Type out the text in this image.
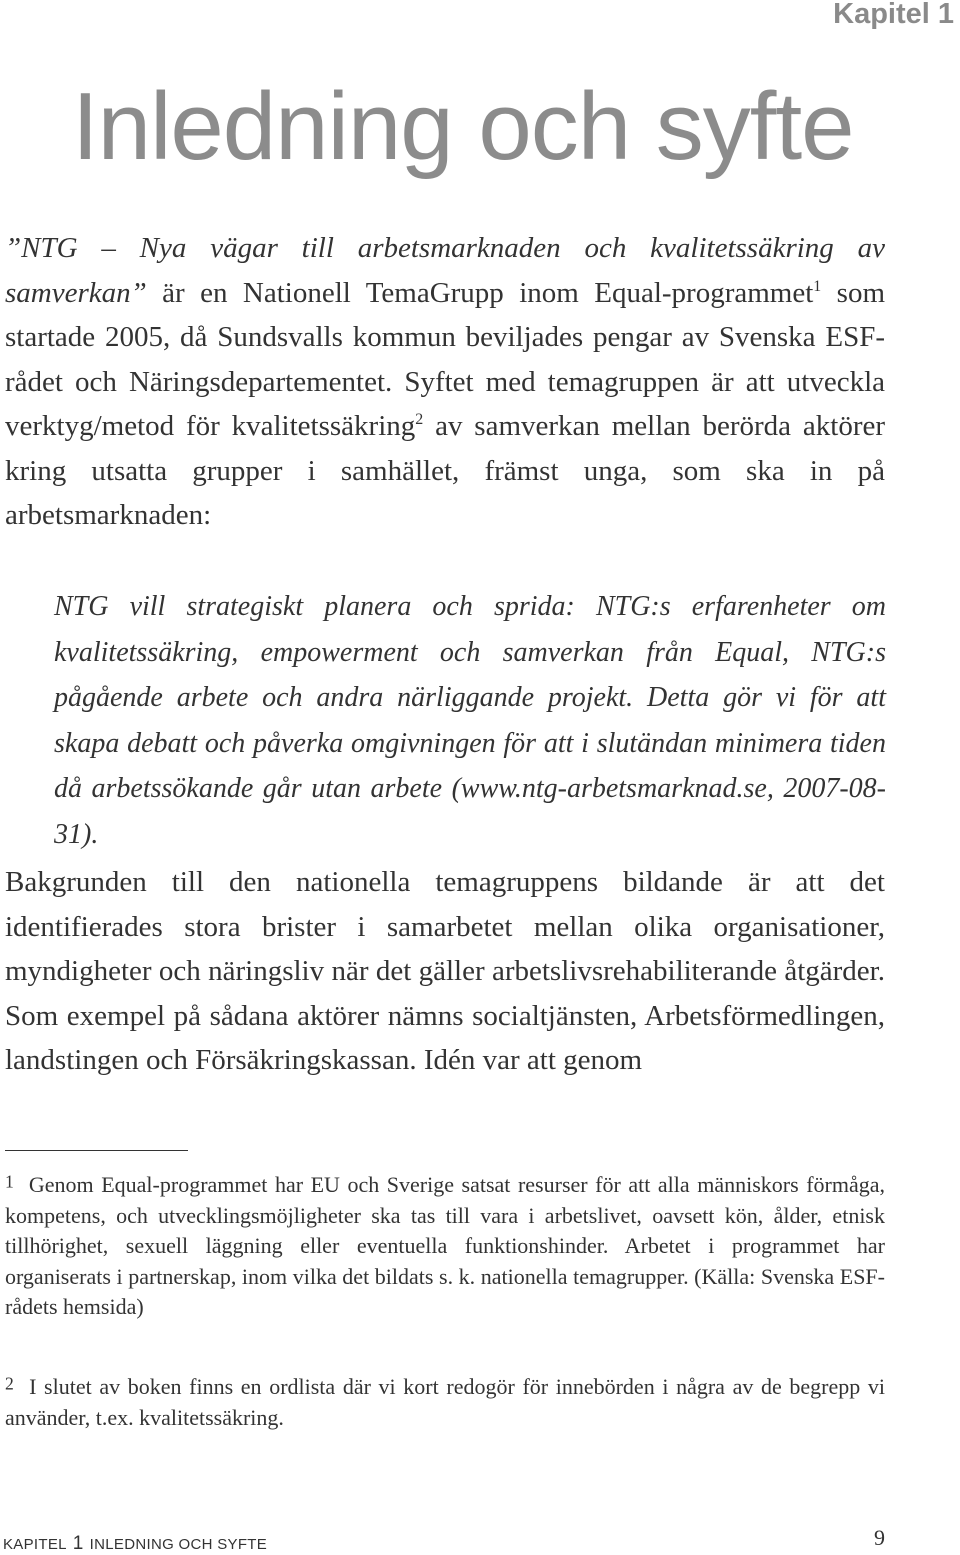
Kapitel 1
Inledning och syfte

”NTG – Nya vägar till arbetsmarknaden och kvalitetssäkring av samverkan” är en Nationell TemaGrupp inom Equal-programmet$^1$ som startade 2005, då Sundsvalls kommun beviljades pengar av Svenska ESF-rådet och Näringsdepartementet. Syftet med temagruppen är att utveckla verktyg/metod för kvalitetssäkring$^2$ av samverkan mellan berörda aktörer kring utsatta grupper i samhället, främst unga, som ska in på arbetsmarknaden:

NTG vill strategiskt planera och sprida: NTG:s erfarenheter om kvalitetssäkring, empowerment och samverkan från Equal, NTG:s pågående arbete och andra närliggande projekt. Detta gör vi för att skapa debatt och påverka omgivningen för att i slutändan minimera tiden då arbetssökande går utan arbete (www.ntg-arbetsmarknad.se, 2007-08-31).

Bakgrunden till den nationella temagruppens bildande är att det identifierades stora brister i samarbetet mellan olika organisationer, myndigheter och näringsliv när det gäller arbetslivsrehabiliterande åtgärder. Som exempel på sådana aktörer nämns socialtjänsten, Arbetsförmedlingen, landstingen och Försäkringskassan. Idén var att genom

$^1$ Genom Equal-programmet har EU och Sverige satsat resurser för att alla människors förmåga, kompetens, och utvecklingsmöjligheter ska tas till vara i arbetslivet, oavsett kön, ålder, etnisk tillhörighet, sexuell läggning eller eventuella funktionshinder. Arbetet i programmet har organiserats i partnerskap, inom vilka det bildats s. k. nationella temagrupper. (Källa: Svenska ESF-rådets hemsida)

$^2$ I slutet av boken finns en ordlista där vi kort redogör för innebörden i några av de begrepp vi använder, t.ex. kvalitetssäkring.

KAPITEL 1 INLEDNING OCH SYFTE	9
